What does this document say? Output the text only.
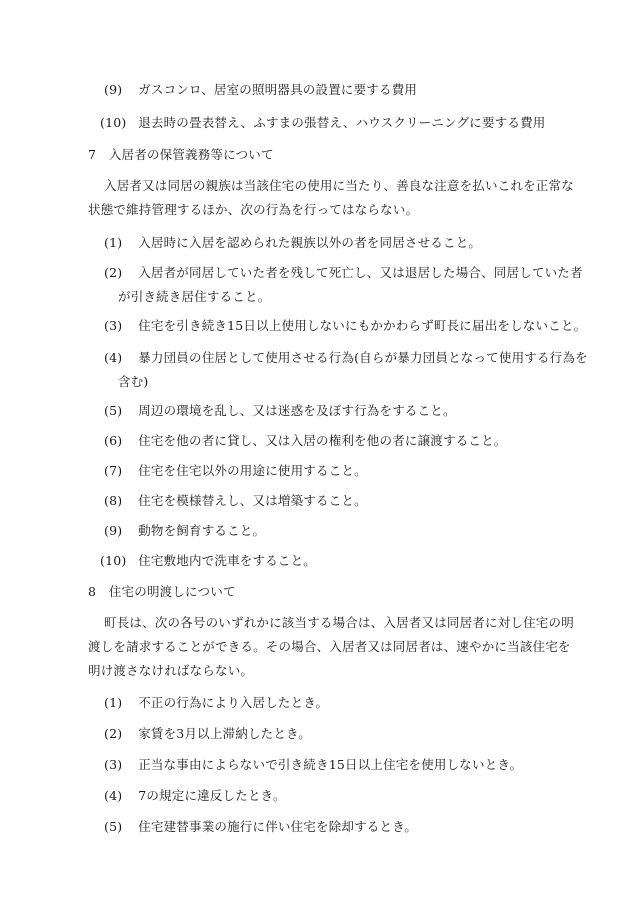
(9) ガスコンロ、居室の照明器具の設置に要する費用
(10) 退去時の畳表替え、ふすまの張替え、ハウスクリーニングに要する費用
7　入居者の保管義務等について
入居者又は同居の親族は当該住宅の使用に当たり、善良な注意を払いこれを正常な
状態で維持管理するほか、次の行為を行ってはならない。
(1) 入居時に入居を認められた親族以外の者を同居させること。
(2) 入居者が同居していた者を残して死亡し、又は退居した場合、同居していた者
が引き続き居住すること。
(3) 住宅を引き続き15日以上使用しないにもかかわらず町長に届出をしないこと。
(4) 暴力団員の住居として使用させる行為(自らが暴力団員となって使用する行為を
含む)
(5) 周辺の環境を乱し、又は迷惑を及ぼす行為をすること。
(6) 住宅を他の者に貸し、又は入居の権利を他の者に譲渡すること。
(7) 住宅を住宅以外の用途に使用すること。
(8) 住宅を模様替えし、又は増築すること。
(9) 動物を飼育すること。
(10) 住宅敷地内で洗車をすること。
8　住宅の明渡しについて
町長は、次の各号のいずれかに該当する場合は、入居者又は同居者に対し住宅の明
渡しを請求することができる。その場合、入居者又は同居者は、速やかに当該住宅を
明け渡さなければならない。
(1) 不正の行為により入居したとき。
(2) 家賃を3月以上滞納したとき。
(3) 正当な事由によらないで引き続き15日以上住宅を使用しないとき。
(4) 7の規定に違反したとき。
(5) 住宅建替事業の施行に伴い住宅を除却するとき。
